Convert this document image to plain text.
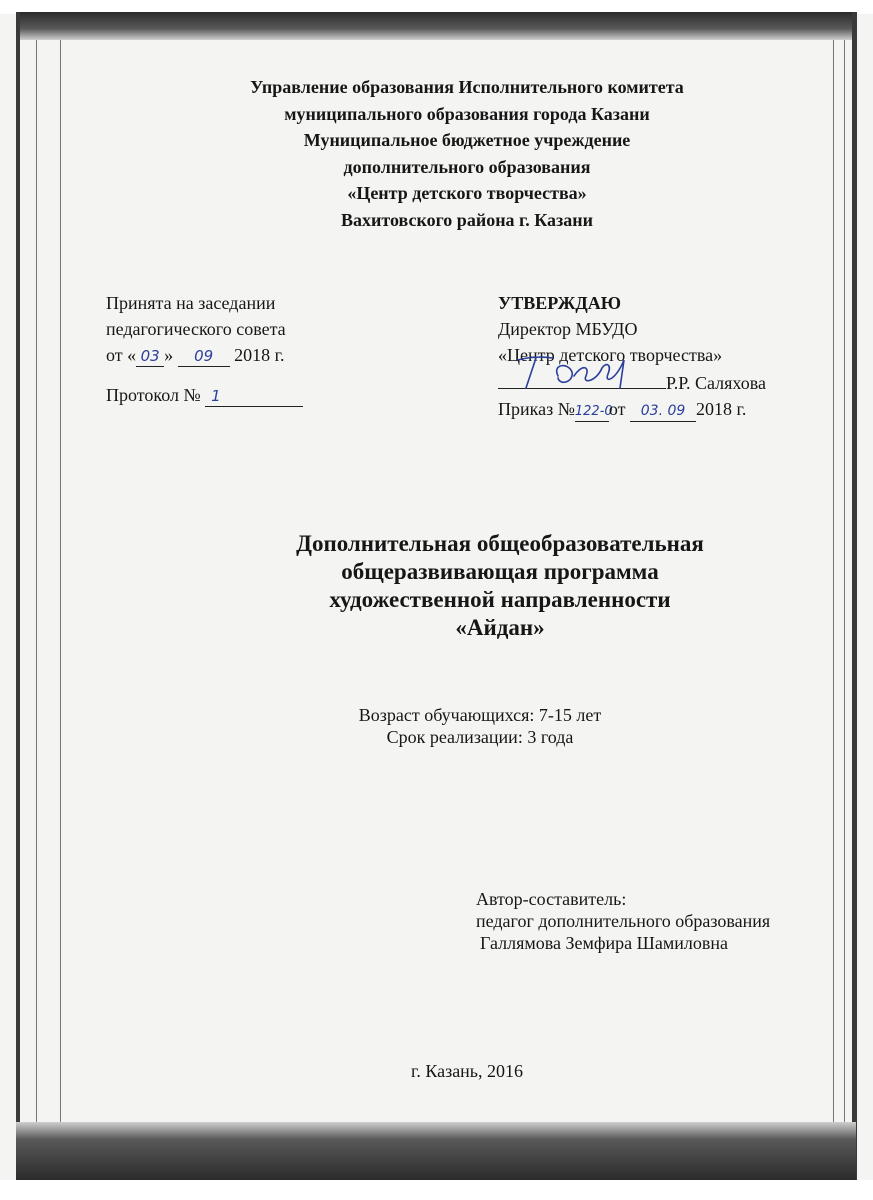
Управление образования Исполнительного комитета
муниципального образования города Казани
Муниципальное бюджетное учреждение
дополнительного образования
«Центр детского творчества»
Вахитовского района г. Казани
Принята на заседании
педагогического совета
от « 03 » 09 2018 г.
Протокол № 1
УТВЕРЖДАЮ
Директор МБУДО
«Центр детского творчества»
Р.Р. Саляхова
Приказ №122-0от 03. 09 2018 г.
Дополнительная общеобразовательная
общеразвивающая программа
художественной направленности
«Айдан»
Возраст обучающихся: 7-15 лет
Срок реализации: 3 года
Автор-составитель:
педагог дополнительного образования
Галлямова Земфира Шамиловна
г. Казань, 2016
